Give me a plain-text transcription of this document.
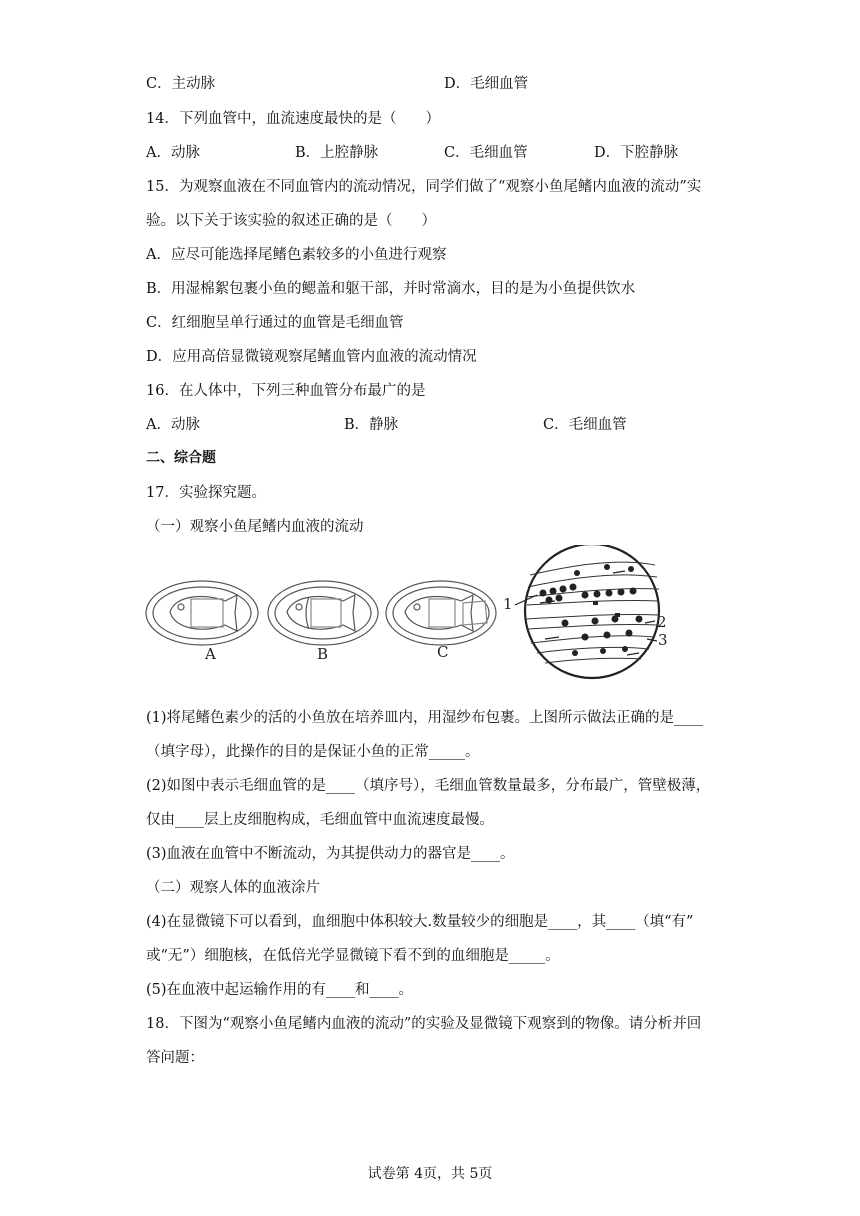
C．主动脉	D．毛细血管
14．下列血管中，血流速度最快的是（　　）
A．动脉	B．上腔静脉	C．毛细血管	D．下腔静脉
15．为观察血液在不同血管内的流动情况，同学们做了“观察小鱼尾鳍内血液的流动”实
验。以下关于该实验的叙述正确的是（　　）
A．应尽可能选择尾鳍色素较多的小鱼进行观察
B．用湿棉絮包裹小鱼的鳃盖和躯干部，并时常滴水，目的是为小鱼提供饮水
C．红细胞呈单行通过的血管是毛细血管
D．应用高倍显微镜观察尾鳍血管内血液的流动情况
16．在人体中，下列三种血管分布最广的是
A．动脉	B．静脉	C．毛细血管
二、综合题
17．实验探究题。
（一）观察小鱼尾鳍内血液的流动
A	B	C
1
2
3
(1)将尾鳍色素少的活的小鱼放在培养皿内，用湿纱布包裹。上图所示做法正确的是____
（填字母），此操作的目的是保证小鱼的正常_____。
(2)如图中表示毛细血管的是____（填序号），毛细血管数量最多，分布最广，管壁极薄，
仅由____层上皮细胞构成，毛细血管中血流速度最慢。
(3)血液在血管中不断流动，为其提供动力的器官是____。
（二）观察人体的血液涂片
(4)在显微镜下可以看到，血细胞中体积较大.数量较少的细胞是____，其____（填“有”
或“无”）细胞核，在低倍光学显微镜下看不到的血细胞是_____。
(5)在血液中起运输作用的有____和____。
18．下图为“观察小鱼尾鳍内血液的流动”的实验及显微镜下观察到的物像。请分析并回
答问题：
试卷第 4页，共 5页
